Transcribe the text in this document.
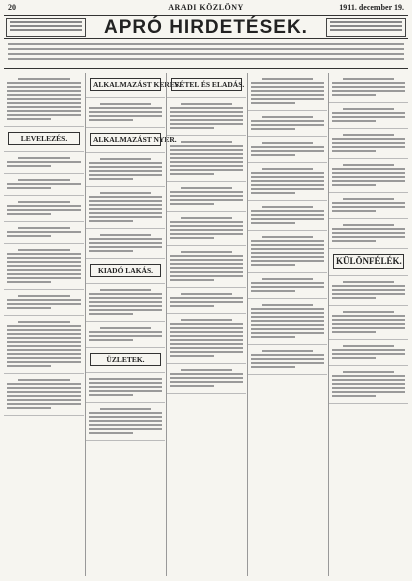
20	ARADI KÖZLÖNY	1911. december 19.
APRÓ HIRDETÉSEK.
LEVELEZÉS.
ALKALMAZÁST KERES.
ALKALMAZÁST NYER.
KIADÓ LAKÁS.
ÜZLETEK.
VÉTEL ÉS ELADÁS.
KÜLÖNFÉLÉK.
